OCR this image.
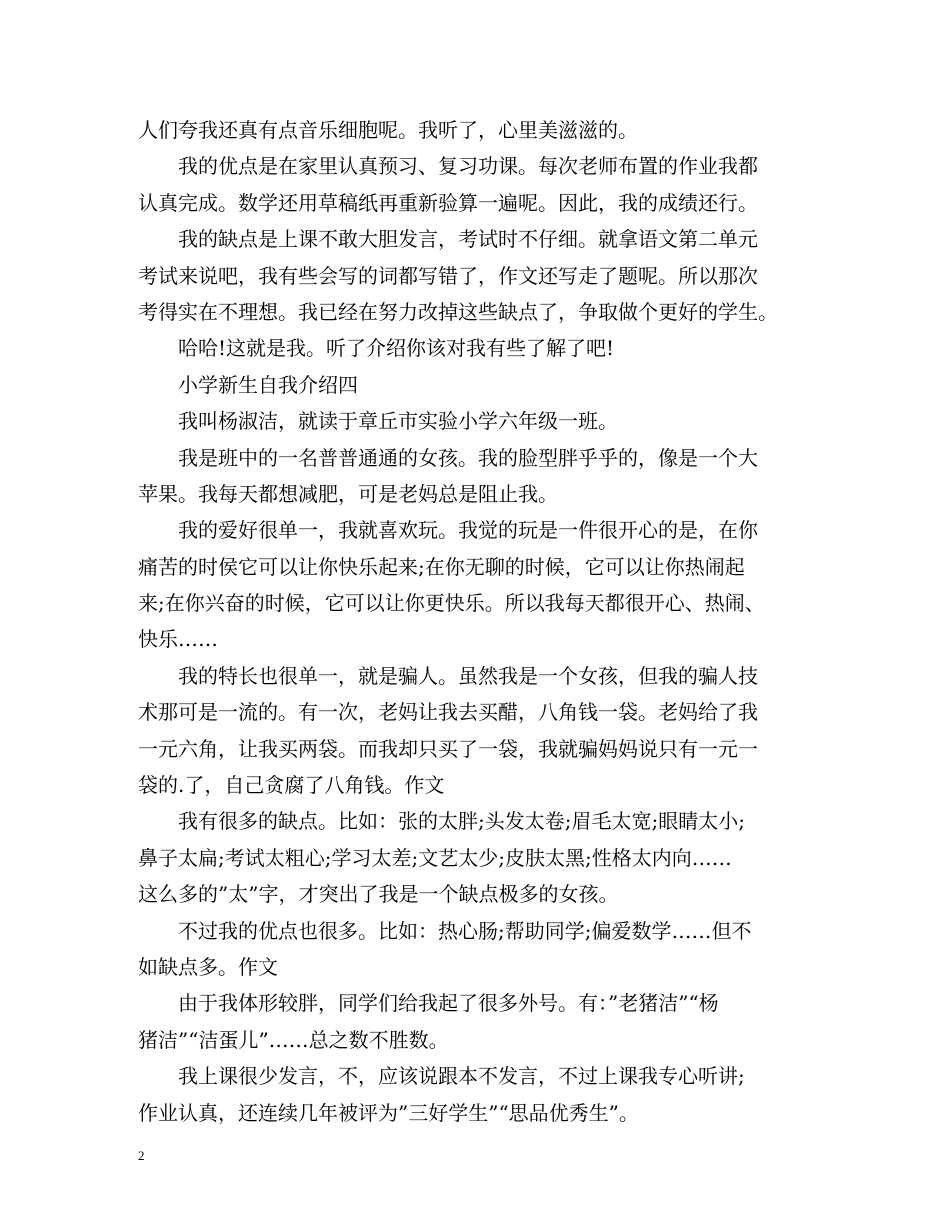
人们夸我还真有点音乐细胞呢。我听了，心里美滋滋的。
我的优点是在家里认真预习、复习功课。每次老师布置的作业我都
认真完成。数学还用草稿纸再重新验算一遍呢。因此，我的成绩还行。
我的缺点是上课不敢大胆发言，考试时不仔细。就拿语文第二单元
考试来说吧，我有些会写的词都写错了，作文还写走了题呢。所以那次
考得实在不理想。我已经在努力改掉这些缺点了，争取做个更好的学生。
哈哈!这就是我。听了介绍你该对我有些了解了吧!
小学新生自我介绍四
我叫杨淑洁，就读于章丘市实验小学六年级一班。
我是班中的一名普普通通的女孩。我的脸型胖乎乎的，像是一个大
苹果。我每天都想减肥，可是老妈总是阻止我。
我的爱好很单一，我就喜欢玩。我觉的玩是一件很开心的是，在你
痛苦的时侯它可以让你快乐起来;在你无聊的时候，它可以让你热闹起
来;在你兴奋的时候，它可以让你更快乐。所以我每天都很开心、热闹、
快乐……
我的特长也很单一，就是骗人。虽然我是一个女孩，但我的骗人技
术那可是一流的。有一次，老妈让我去买醋，八角钱一袋。老妈给了我
一元六角，让我买两袋。而我却只买了一袋，我就骗妈妈说只有一元一
袋的.了，自己贪腐了八角钱。作文
我有很多的缺点。比如：张的太胖;头发太卷;眉毛太宽;眼睛太小;
鼻子太扁;考试太粗心;学习太差;文艺太少;皮肤太黑;性格太内向……
这么多的”太”字，才突出了我是一个缺点极多的女孩。
不过我的优点也很多。比如：热心肠;帮助同学;偏爱数学……但不
如缺点多。作文
由于我体形较胖，同学们给我起了很多外号。有：”老猪洁”“杨
猪洁”“洁蛋儿”……总之数不胜数。
我上课很少发言，不，应该说跟本不发言，不过上课我专心听讲;
作业认真，还连续几年被评为”三好学生”“思品优秀生”。
2
